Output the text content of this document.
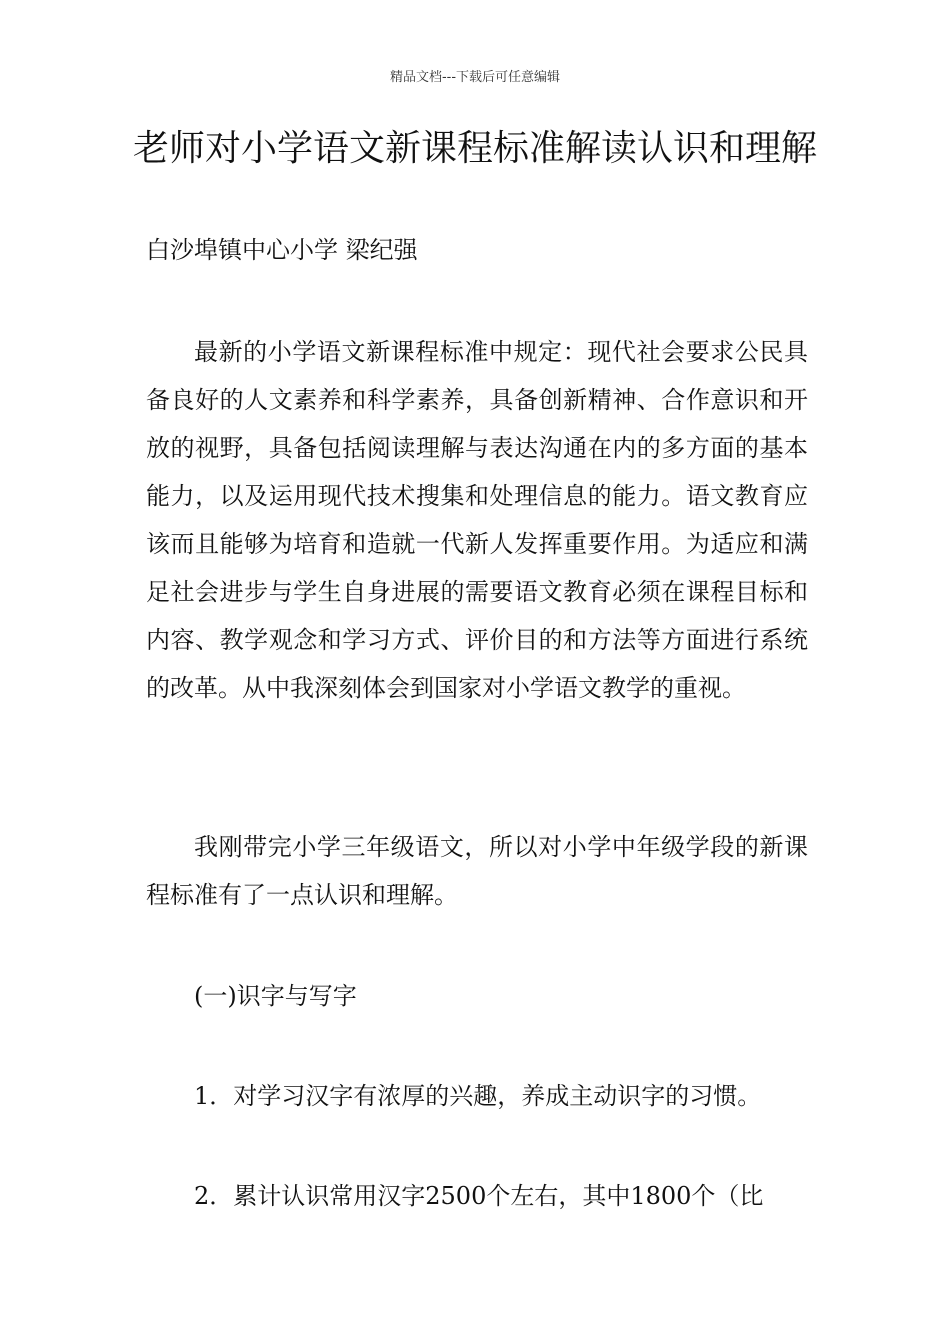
精品文档---下载后可任意编辑
老师对小学语文新课程标准解读认识和理解
白沙埠镇中心小学 梁纪强

最新的小学语文新课程标准中规定：现代社会要求公民具备良好的人文素养和科学素养，具备创新精神、合作意识和开放的视野，具备包括阅读理解与表达沟通在内的多方面的基本能力，以及运用现代技术搜集和处理信息的能力。语文教育应该而且能够为培育和造就一代新人发挥重要作用。为适应和满足社会进步与学生自身进展的需要语文教育必须在课程目标和内容、教学观念和学习方式、评价目的和方法等方面进行系统的改革。从中我深刻体会到国家对小学语文教学的重视。

我刚带完小学三年级语文，所以对小学中年级学段的新课程标准有了一点认识和理解。

(一)识字与写字

1．对学习汉字有浓厚的兴趣，养成主动识字的习惯。

2．累计认识常用汉字2500个左右，其中1800个（比
